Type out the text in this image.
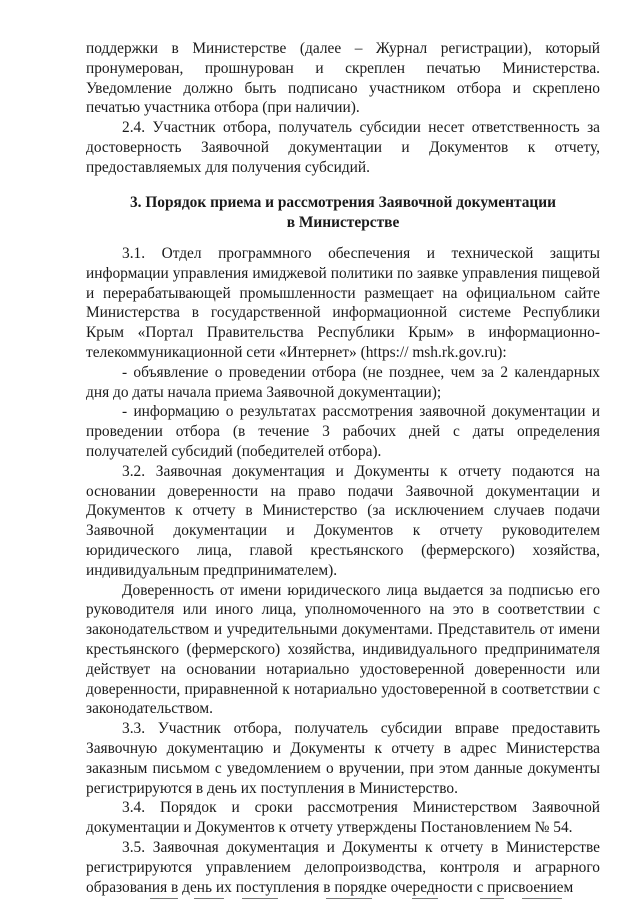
поддержки в Министерстве (далее – Журнал регистрации), который пронумерован, прошнурован и скреплен печатью Министерства. Уведомление должно быть подписано участником отбора и скреплено печатью участника отбора (при наличии).

2.4. Участник отбора, получатель субсидии несет ответственность за достоверность Заявочной документации и Документов к отчету, предоставляемых для получения субсидий.

3. Порядок приема и рассмотрения Заявочной документации
в Министерстве

3.1. Отдел программного обеспечения и технической защиты информации управления имиджевой политики по заявке управления пищевой и перерабатывающей промышленности размещает на официальном сайте Министерства в государственной информационной системе Республики Крым «Портал Правительства Республики Крым» в информационно-телекоммуникационной сети «Интернет» (https:// msh.rk.gov.ru):

- объявление о проведении отбора (не позднее, чем за 2 календарных дня до даты начала приема Заявочной документации);

- информацию о результатах рассмотрения заявочной документации и проведении отбора (в течение 3 рабочих дней с даты определения получателей субсидий (победителей отбора).

3.2. Заявочная документация и Документы к отчету подаются на основании доверенности на право подачи Заявочной документации и Документов к отчету в Министерство (за исключением случаев подачи Заявочной документации и Документов к отчету руководителем юридического лица, главой крестьянского (фермерского) хозяйства, индивидуальным предпринимателем).

Доверенность от имени юридического лица выдается за подписью его руководителя или иного лица, уполномоченного на это в соответствии с законодательством и учредительными документами. Представитель от имени крестьянского (фермерского) хозяйства, индивидуального предпринимателя действует на основании нотариально удостоверенной доверенности или доверенности, приравненной к нотариально удостоверенной в соответствии с законодательством.

3.3. Участник отбора, получатель субсидии вправе предоставить Заявочную документацию и Документы к отчету в адрес Министерства заказным письмом с уведомлением о вручении, при этом данные документы регистрируются в день их поступления в Министерство.

3.4. Порядок и сроки рассмотрения Министерством Заявочной документации и Документов к отчету утверждены Постановлением № 54.

3.5. Заявочная документация и Документы к отчету в Министерстве регистрируются управлением делопроизводства, контроля и аграрного образования в день их поступления в порядке очередности с присвоением
